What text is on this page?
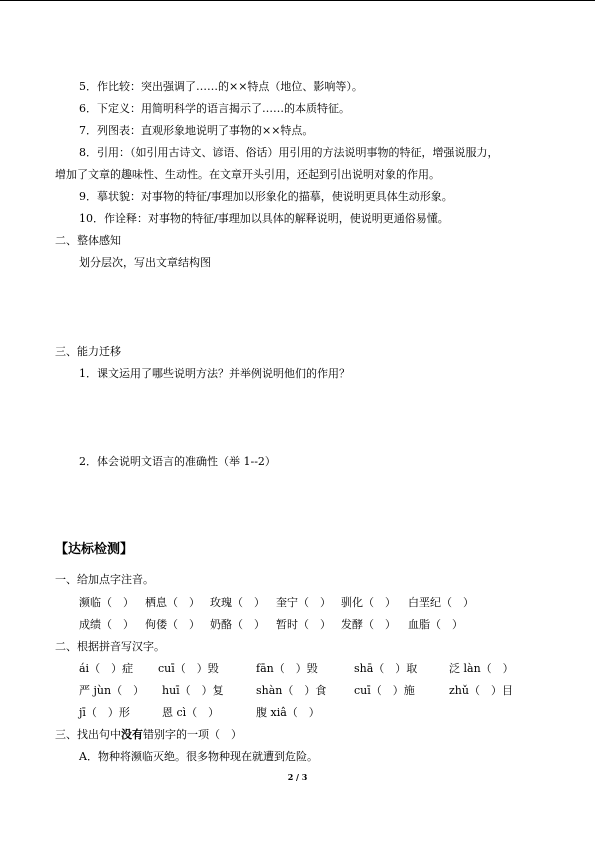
5．作比较：突出强调了……的××特点（地位、影响等）。
6．下定义：用简明科学的语言揭示了……的本质特征。
7．列图表：直观形象地说明了事物的××特点。
8．引用：（如引用古诗文、谚语、俗话）用引用的方法说明事物的特征，增强说服力，
增加了文章的趣味性、生动性。在文章开头引用，还起到引出说明对象的作用。
9．摹状貌：对事物的特征/事理加以形象化的描摹，使说明更具体生动形象。
10．作诠释：对事物的特征/事理加以具体的解释说明，使说明更通俗易懂。
二、整体感知
划分层次，写出文章结构图
三、能力迁移
1．课文运用了哪些说明方法？并举例说明他们的作用？
2．体会说明文语言的准确性（举 1--2）
【达标检测】
一、给加点字注音。
濒临（　） 栖息（　） 玫瑰（　） 奎宁（　） 驯化（　） 白垩纪（　）
成绩（　） 佝偻（　） 奶酪（　） 暂时（　） 发酵（　） 血脂（　）
二、根据拼音写汉字。
ái（　）症 cuī（　）毁	fān（　）毁	shā（　）取	泛 làn（　）
严 jùn（　） huī（　）复	shàn（　）食	cuī（　）施	zhǔ（　）目
jī（　）形	恩 cì（　）	腹 xiâ（　）
三、找出句中没有错别字的一项（　）
A．物种将濒临灭绝。很多物种现在就遭到危险。
2 / 3
